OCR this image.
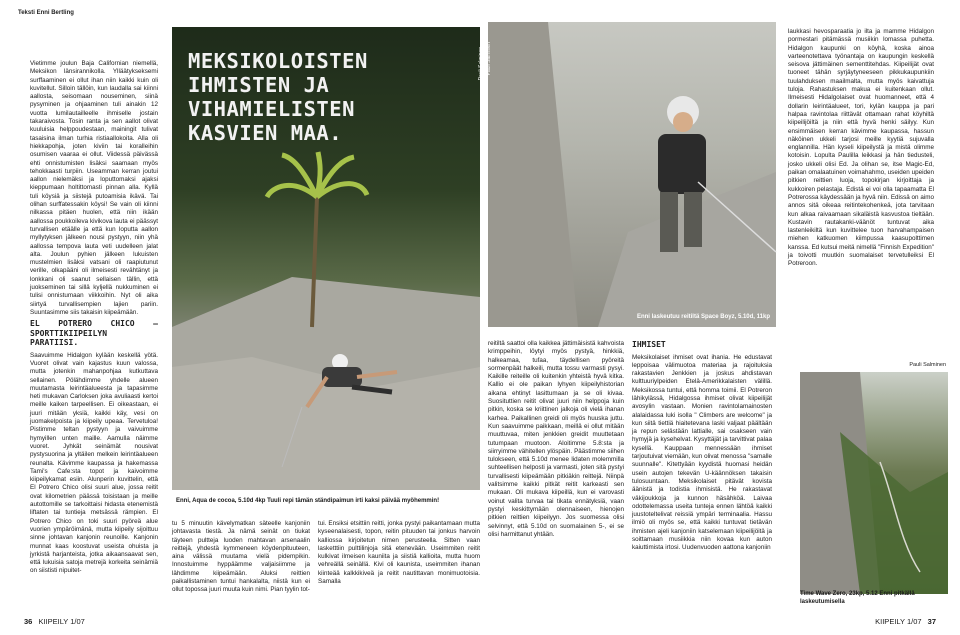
Teksti Enni Bertling

Vietimme joulun Baja Californian niemellä, Meksikon länsirannikolla. Ylläätykseksemi surffaaminen ei ollut ihan niin kaikki kuin oli kuvitellut. Silloin tällöin, kun laudalla sai kiinni aallosta, seisomaan nouseminen, siinä pysyminen ja ohjaaminen tuli ainakin 12 vuotta lumilautailleelle ihmiselle jostain takaraivosta. Tosin ranta ja sen aallot olivat kuuluisia helppoudestaan, mainingit tulivat tasaisina ilman turhia ristiaallokoita. Alla oli hiekkapohja, joten kiviin tai koralleihin osumisen vaaraa ei ollut. Viidessä päivässä ehti onnistumisten lisäksi saamaan myös tehokkaasti turpiin. Useamman kerran joutui aallon nielemäksi ja loputtomaksi ajaksi kieppumaan holtittomasti pinnan alla. Kyllä tuli köysiä ja siistejä putoamisia ikävä. Tai olihan surffatessakin köysi! Se vain oli kiinni nilkassa pitäen huolen, että niin ikään aallossa poukkoileva kivikova lauta ei päässyt turvallisen etäälle ja että kun loputta aallon myllytyksen jälkeen nousi pystyyn, niin yhä aallossa tempova lauta veti uudelleen jalat alta. Joulun pyhien jälkeen lukuisten mustelmien lisäksi vatsani oli raapiutunut verille, olkapääni oli ilmeisesti revähtänyt ja lonkkani oli saanut sellaisen tällin, että juokseminen tai sillä kyljellä nukkuminen ei tulisi onnistumaan viikkoihin. Nyt oli aika siirtyä turvallisempien lajien pariin. Suuntasimme siis takaisin kiipeämään.

EL POTRERO CHICO – SPORTTIKIIPEILYN PARATIISI.

Saavuimme Hidalgon kylään keskellä yötä. Vuoret olivat vain kajastus kuun valossa, mutta jotenkin mahanpohjaa kutkuttava sellainen. Pölähdimme yhdelle alueen muutamasta leirintäalueesta ja tapasimme heti mukavan Carloksen joka avuliaasti kertoi meille kaiken tarpeellisen. Ei oikeastaan, ei juuri mitään yksiä, kaikki käy, vesi on juomakelpoista ja kiipeily upeaa. Tervetuloa! Pistimme teltan pystyyn ja vaivuimme hymyillen unten maille. Aamulla näimme vuoret. Jyhkät seinämät nousivat pystysuorina ja yltäilen melkein leirintäalueen reunalta. Kävimme kaupassa ja hakemassa Tami's Cafe:sta topot ja kaivoimme kiipeilykamat esiin. Alunperin kuvittelin, että El Potrero Chico olisi suuri alue, jossa reitit ovat kilometrien päässä toisistaan ja meille autottomille se tarkoittaisi hidasta etenemistä liftaten tai tuntieja metsässä rämpien. El Potrero Chico on toki suuri pyöreä alue vuorien ympäröimänä, mutta kiipeily sijoittuu sinne johtavan kanjonin reunoille. Kanjonin munnat kaas koostuvat useista ohuista ja jyrkistä harjanteista, jotka aikaansaavat sen, että lukuisia satoja metrejä korkeita seinämiä on siististi nipuitet-

MEKSIKOLOISTEN IHMISTEN JA VIHAMIELISTEN KASVIEN MAA.
Pauli Salminen
Enni, Aqua de cocoa, 5.10d 4kp Tuuli repi tämän ständipaimun irti kaksi päivää myöhemmin!
tu 5 minuutin kävelymatkan säteelle kanjoniin johtavasta tiestä. Ja nämä seinät on tiukat täyteen pultteja luoden mahtavan arsenaalin reittejä, yhdestä kymmeneen köydenpituuteen, aina välissä muutama vielä pidempikin. Innostuimme hyppäämme valjaisiimme ja lähdimme kiipeämään. Aluksi reittien paikallistaminen tuntui hankalalta, niistä kun ei ollut topossa juuri muuta kuin nimi. Pian tyylin tot-
tui. Ensiksi etsittiin reitti, jonka pystyi paikantamaan mutta kyseenalaisesti, topon, reitin pituuden tai jonkus harvoin kalliossa kirjoitetun nimen perusteella. Sitten vaan lasketttiin pulttilinjoja sitä etenevään. Useimmiten reitit kulkivat ilmeisen kauniita ja siistiä kallioita, mutta huom vehreällä seinällä. Kivi oli kaunista, useimmiten ihanan kiinteää kalkkikiveä ja reitit nautittavan monimuotoisia. Samalla
36 KIIPEILY 1/07
Pauli Salminen
Enni laskeutuu reitiltä Space Boyz, 5.10d, 11kp
reitiltä saattoi olla kaikkea jättimäisistä kahvoista krimppeihin, löytyi myös pystyä, hinkkiä, halkeamaa, tufaa, täydellisen pyöreitä sormenpäät halkeili, mutta tossu varmasti pysyi. Kaikille reiteille oli kuitenkin yhteistä hyvä kitka. Kallio ei ole paikan lyhyen kiipeilyhistorian aikana ehtinyt lasittumaan ja se oli kivaa. Suosituttien reitit olivat juuri niin helppoja kuin pitkin, koska se kriittinen jalkoja oli vielä ihanan karhea. Paikallinen greidi oli myös huuska juttu. Kun saavuimme paikkaan, meillä ei ollut mitään muuttuvaa, miten jenkkien greidit muuttetaan tutumpaan muotoon. Aloitimme 5.8:sta ja siirryimme vähitellen ylöspäin. Päästimme siihen tulokseen, että 5.10d menee lidaten molemmilla suhteellisen helposti ja varmasti, joten sitä pystyi turvallisesti kiipeämään pitkiäkin reittejä. Niinpä valitsimme kaikki pitkät reitit karkeasti sen mukaan. Oli mukava kiipeillä, kun ei varovasti voinut valita turvaa tai tikata ennätyksiä, vaan pystyi keskittymään olennaiseen, hienojen pitkien reittien kiipeilyyn. Jos suomessa olisi selvinnyt, että 5.10d on suomalainen 5-, ei se olisi harmittanut yhtään.
IHMISET

Meksikolaiset ihmiset ovat ihania. He edustavat leppoisaa välimuotoa materiaa ja rajoituksia rakastavien Jenkkien ja joskus ahdistavan kulttuuriylpeiden Etelä-Amerikkalaisten välillä. Meksikossa tuntui, että homma toimii. El Potreron lähikylässä, Hidalgossa ihmiset olivat kiipeilijät avosylin vastaan. Monien ravintolamainosten alalaidassa luki isolla " Climbers are welcome" ja kun siitä tiettiä hiaitetevana laski valjaat päältään ja repun selästään lattialle, sai osakseen vain hymyjä ja kysehelvat. Kysyttäjät ja tarvittivat palaa kysellä. Kauppaan mennessään ihmiset tarjoutuivat viemään, kun olivat menossa "samalle suunnalle". Kitettyään kyydistä huomasi heidän usein autojen tekevän U-käännöksen takaisin tulosuuntaan. Meksikolaiset pitävät kovista äänistä ja todistia ihmisistä. He rakastavat väkijoukkoja ja kunnon häsähköä. Laivaa odottelemassa useita tunteja ennen lähtöä kaikki juustoteltelivat reissiä ympäri terminaalia. Hassu ilmiö oli myös se, että kaikki tuntuvat tietävän ihmisten ajeli kanjoniin katselemaan kiipeilijöitä ja soittamaan musiikkia niin kovaa kun auton kaiuttimista irtosi. Uudenvuoden aattona kanjoniin

laukkasi hevosparaatia jo ilta ja mamme Hidalgon pormestari pitämässä musiikin lomassa puhetta. Hidalgon kaupunki on köyhä, koska ainoa varteenotettava työnantaja on kaupungin keskellä seisova jättimäinen sementtitehdas. Kiipeilijät ovat tuoneet tähän syrjäytyneeseen pikkukaupunkiin tuulahduksen maailmalta, mutta myös kaivattuja tuloja. Rahastuksen makua ei kuitenkaan ollut. Ilmeisesti Hidalgolaiset ovat huomanneet, että 4 dollarin leirintäalueet, tori, kylän kauppa ja pari halpaa ravintolaa riittävät ottamaan rahat köyhiltä kiipeilijöiltä ja niin että hyvä henki säilyy. Kun ensimmäisen kerran kävimme kaupassa, hassun näköinen ukkeli tarjosi meille kyytiä sujuvalla englannilla. Hän kyseli kiipeilystä ja mistä olimme kotoisin. Lopulta Paulilla leikkasi ja hän tiedusteli, josko ukkeli olisi Ed. Ja olihan se, itse Magic-Ed, paikan omalaatuinen voimahahmo, useiden upeiden pitkien reittien luoja, topokirjan kirjoittaja ja kukkoiren pelastaja. Edistä ei voi olla tapaamatta El Potrerossa käydessään ja hyvä niin. Edissä on aimo annos sitä oikeaa reitintekohenkeä, jota tarvitaan kun alkaa raivaamaan sikaläistä kasvustoa tieltään. Kustavin rautakanki-väänöt tuntuvat aika lastenleikiltä kun kuvittelee tuon harvahampaisen miehen katkuomen kiimpussa kaasupolttimen kanssa. Ed kutsui meitä nimellä "Finnish Expedition" ja toivotti muutkin suomalaiset tervetulleiksi El Potreroon.
Pauli Salminen
Time Wave Zero, 23kp, 5.12 Enni pitkällä laskeutumisella
KIIPEILY 1/07 37
